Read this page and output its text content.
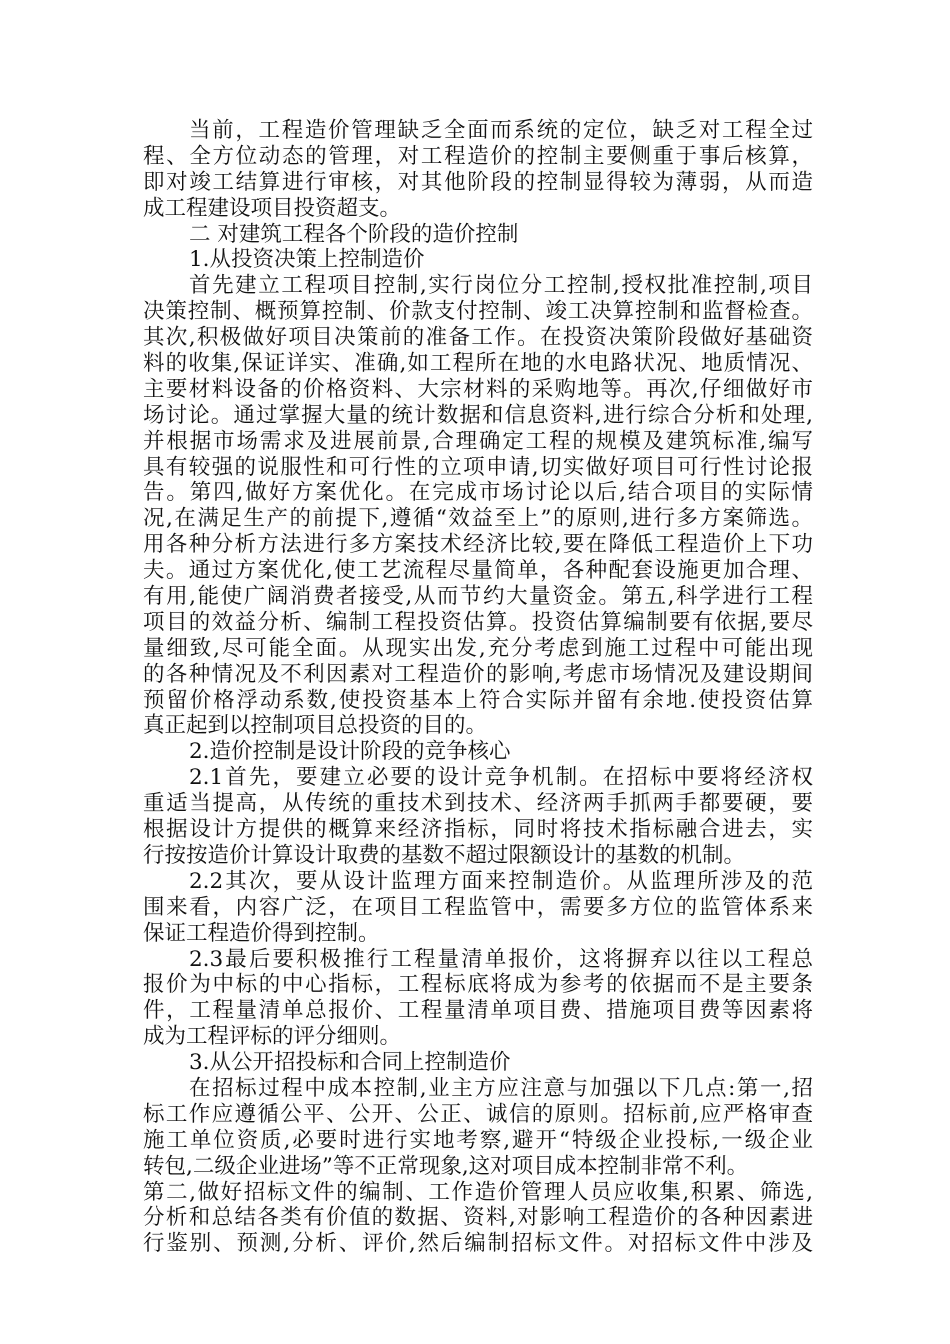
当前，工程造价管理缺乏全面而系统的定位，缺乏对工程全过
程、全方位动态的管理，对工程造价的控制主要侧重于事后核算，
即对竣工结算进行审核，对其他阶段的控制显得较为薄弱，从而造
成工程建设项目投资超支。
二 对建筑工程各个阶段的造价控制
1.从投资决策上控制造价
首先建立工程项目控制,实行岗位分工控制,授权批准控制,项目
决策控制、概预算控制、价款支付控制、竣工决算控制和监督检查。
其次,积极做好项目决策前的准备工作。在投资决策阶段做好基础资
料的收集,保证详实、准确,如工程所在地的水电路状况、地质情况、
主要材料设备的价格资料、大宗材料的采购地等。再次,仔细做好市
场讨论。通过掌握大量的统计数据和信息资料,进行综合分析和处理,
并根据市场需求及进展前景,合理确定工程的规模及建筑标准,编写
具有较强的说服性和可行性的立项申请,切实做好项目可行性讨论报
告。第四,做好方案优化。在完成市场讨论以后,结合项目的实际情
况,在满足生产的前提下,遵循“效益至上”的原则,进行多方案筛选。
用各种分析方法进行多方案技术经济比较,要在降低工程造价上下功
夫。通过方案优化,使工艺流程尽量简单，各种配套设施更加合理、
有用,能使广阔消费者接受,从而节约大量资金。第五,科学进行工程
项目的效益分析、编制工程投资估算。投资估算编制要有依据,要尽
量细致,尽可能全面。从现实出发,充分考虑到施工过程中可能出现
的各种情况及不利因素对工程造价的影响,考虑市场情况及建设期间
预留价格浮动系数,使投资基本上符合实际并留有余地.使投资估算
真正起到以控制项目总投资的目的。
2.造价控制是设计阶段的竞争核心
2.1首先，要建立必要的设计竞争机制。在招标中要将经济权
重适当提高，从传统的重技术到技术、经济两手抓两手都要硬，要
根据设计方提供的概算来经济指标，同时将技术指标融合进去，实
行按按造价计算设计取费的基数不超过限额设计的基数的机制。
2.2其次，要从设计监理方面来控制造价。从监理所涉及的范
围来看，内容广泛，在项目工程监管中，需要多方位的监管体系来
保证工程造价得到控制。
2.3最后要积极推行工程量清单报价，这将摒弃以往以工程总
报价为中标的中心指标，工程标底将成为参考的依据而不是主要条
件，工程量清单总报价、工程量清单项目费、措施项目费等因素将
成为工程评标的评分细则。
3.从公开招投标和合同上控制造价
在招标过程中成本控制,业主方应注意与加强以下几点:第一,招
标工作应遵循公平、公开、公正、诚信的原则。招标前,应严格审查
施工单位资质,必要时进行实地考察,避开“特级企业投标,一级企业
转包,二级企业进场”等不正常现象,这对项目成本控制非常不利。
第二,做好招标文件的编制、工作造价管理人员应收集,积累、筛选,
分析和总结各类有价值的数据、资料,对影响工程造价的各种因素进
行鉴别、预测,分析、评价,然后编制招标文件。对招标文件中涉及
